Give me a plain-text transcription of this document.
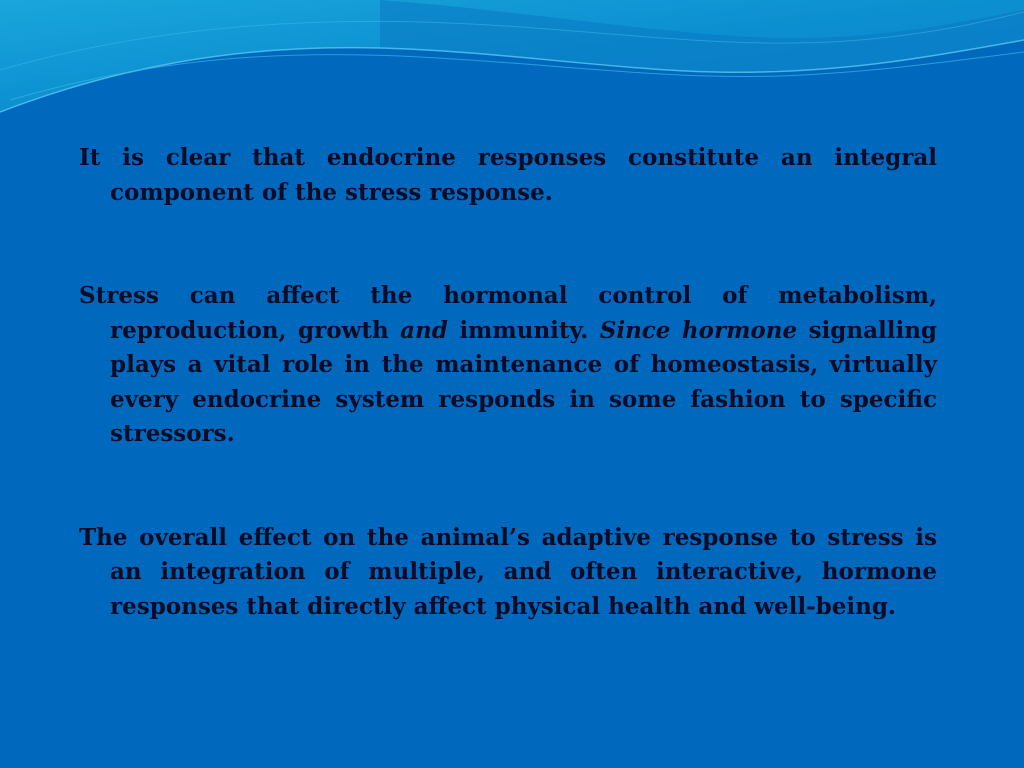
It is clear that endocrine responses constitute an integral component of the stress response.

Stress can affect the hormonal control of metabolism, reproduction, growth and immunity. Since hormone signalling plays a vital role in the maintenance of homeostasis, virtually every endocrine system responds in some fashion to specific stressors.

The overall effect on the animal’s adaptive response to stress is an integration of multiple, and often interactive, hormone responses that directly affect physical health and well-being.
